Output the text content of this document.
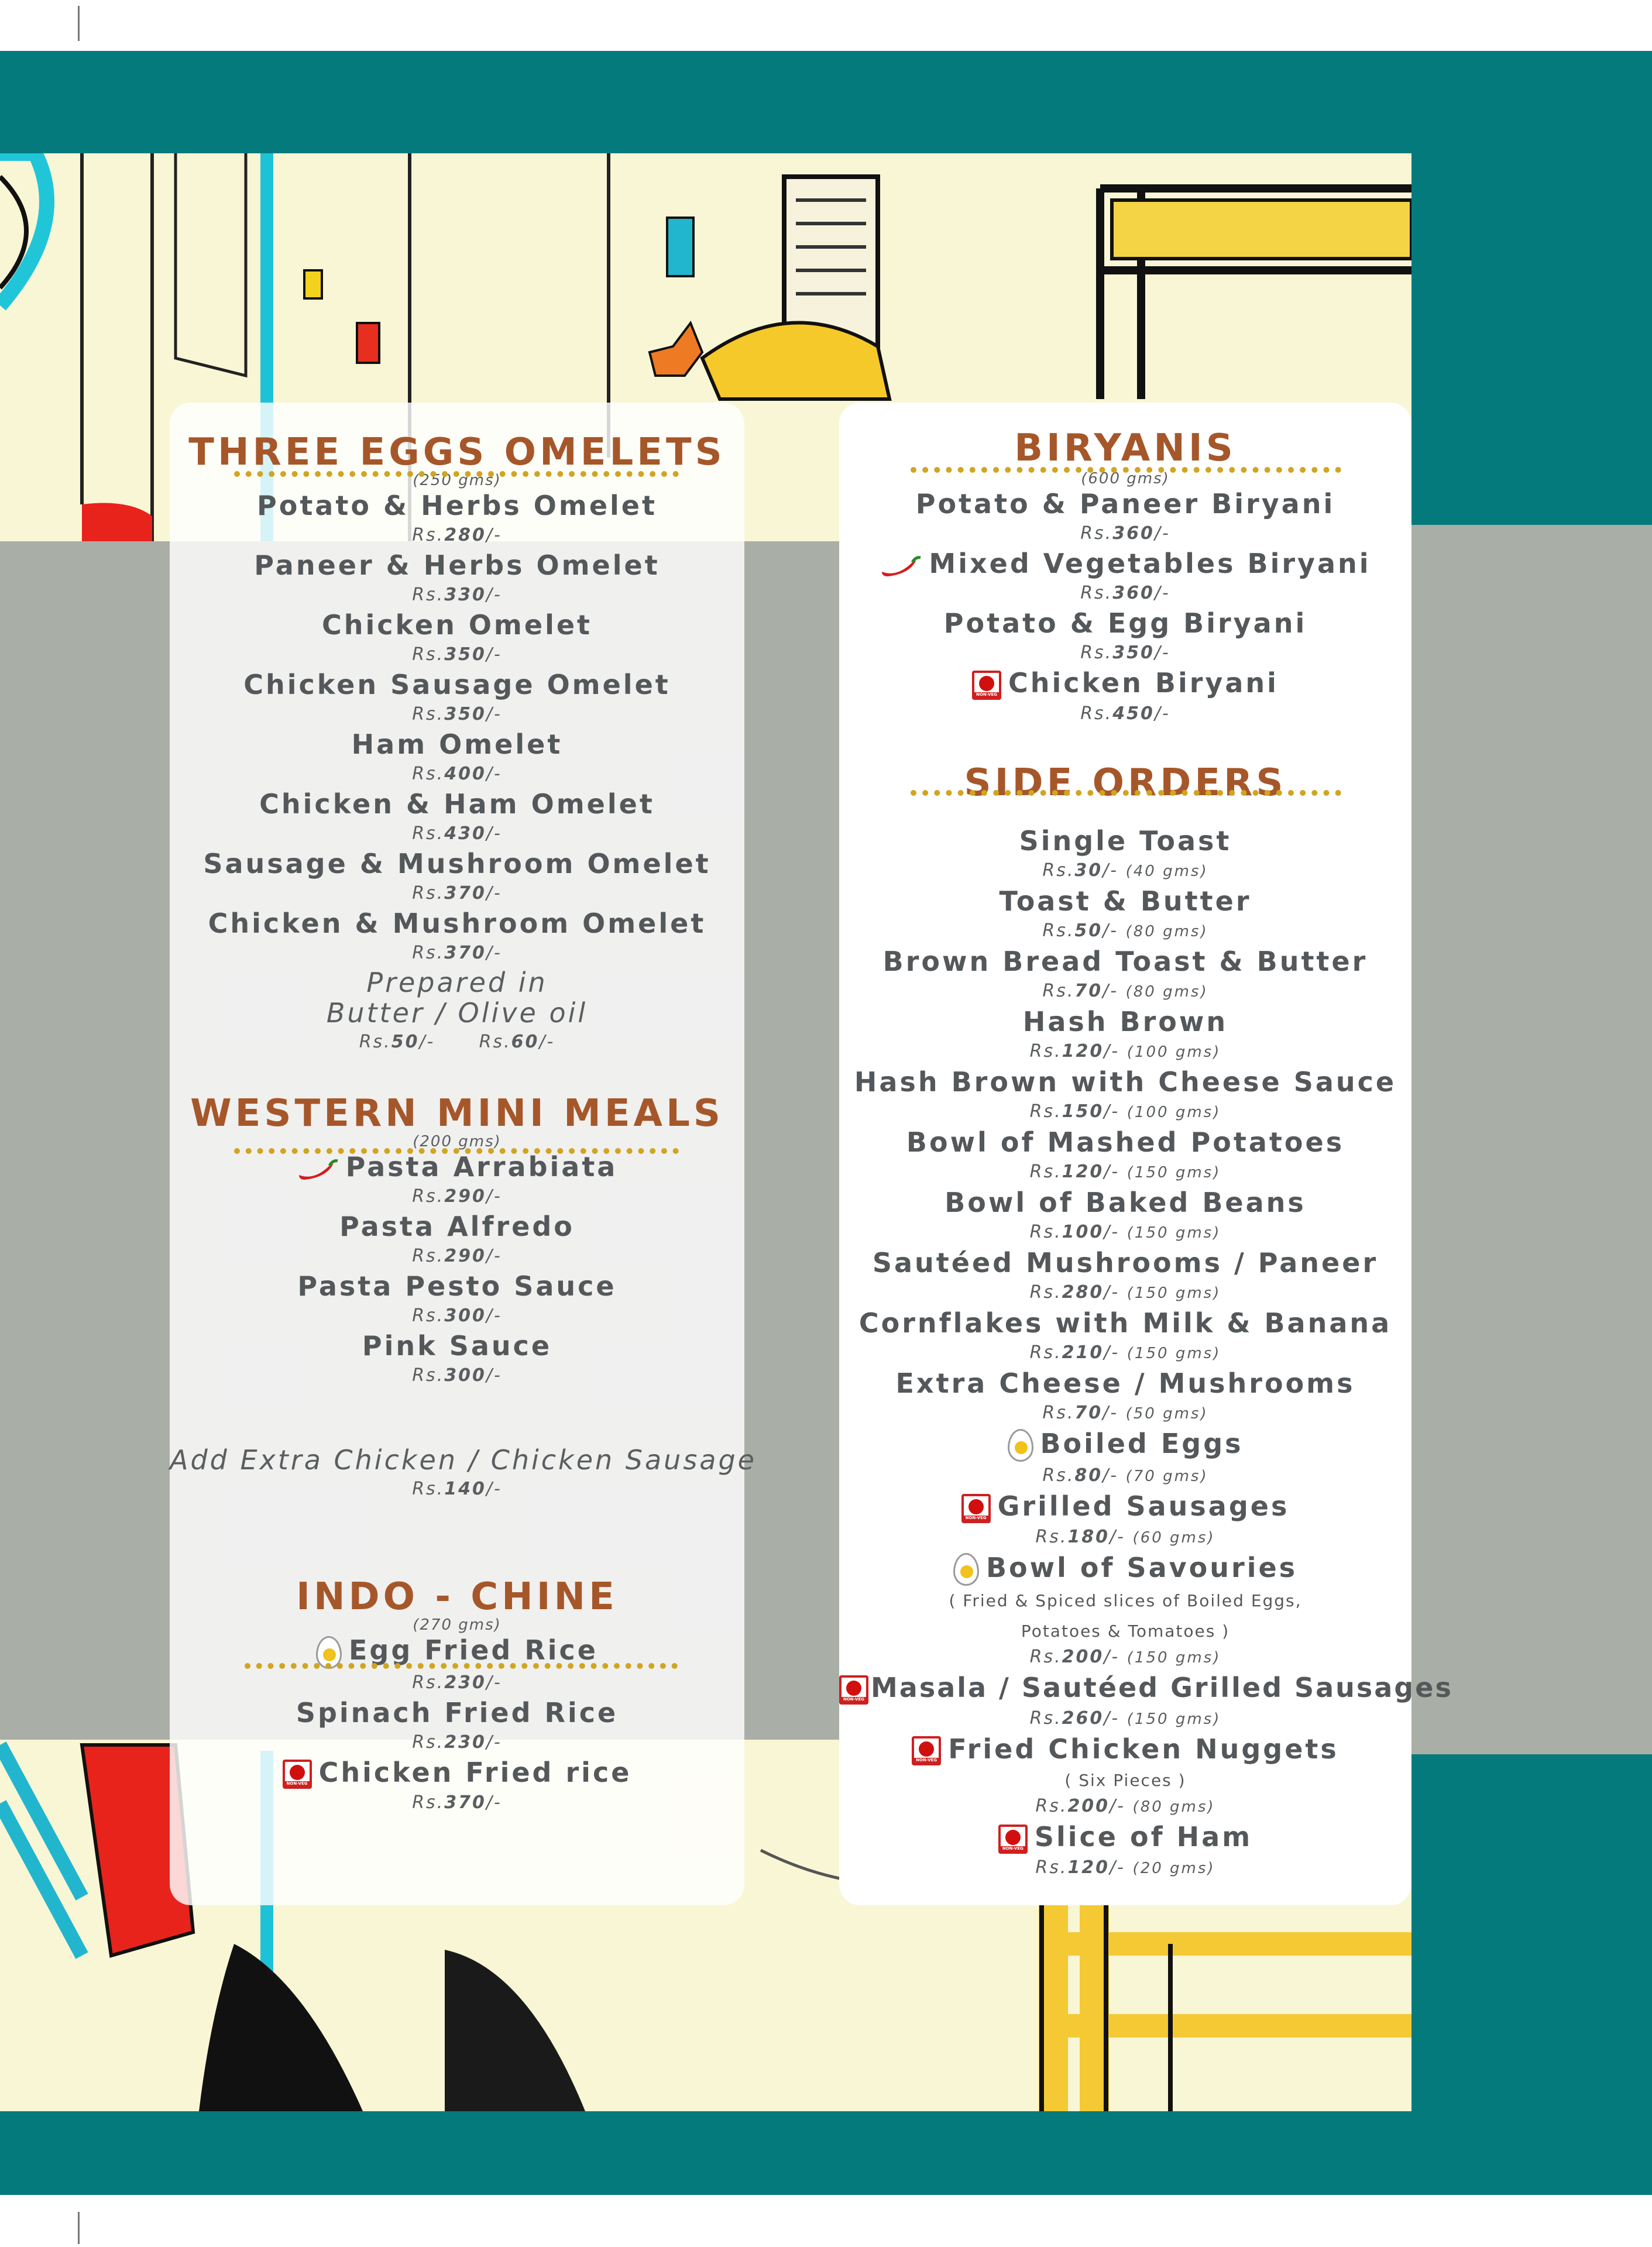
THREE EGGS OMELETS
(250 gms)
Potato & Herbs Omelet
Rs.280/-
Paneer & Herbs Omelet
Rs.330/-
Chicken Omelet
Rs.350/-
Chicken Sausage Omelet
Rs.350/-
Ham Omelet
Rs.400/-
Chicken & Ham Omelet
Rs.430/-
Sausage & Mushroom Omelet
Rs.370/-
Chicken & Mushroom Omelet
Rs.370/-
Prepared in
Butter / Olive oil
Rs.50/-	Rs.60/-
WESTERN MINI MEALS
(200 gms)
Pasta Arrabiata
Rs.290/-
Pasta Alfredo
Rs.290/-
Pasta Pesto Sauce
Rs.300/-
Pink Sauce
Rs.300/-
Add Extra Chicken / Chicken Sausage
Rs.140/-
INDO - CHINE
(270 gms)
Egg Fried Rice
Rs.230/-
Spinach Fried Rice
Rs.230/-
NON-VEGChicken Fried rice
Rs.370/-
BIRYANIS
(600 gms)
Potato & Paneer Biryani
Rs.360/-
Mixed Vegetables Biryani
Rs.360/-
Potato & Egg Biryani
Rs.350/-
NON-VEGChicken Biryani
Rs.450/-
SIDE ORDERS
Single Toast
Rs.30/- (40 gms)
Toast & Butter
Rs.50/- (80 gms)
Brown Bread Toast & Butter
Rs.70/- (80 gms)
Hash Brown
Rs.120/- (100 gms)
Hash Brown with Cheese Sauce
Rs.150/- (100 gms)
Bowl of Mashed Potatoes
Rs.120/- (150 gms)
Bowl of Baked Beans
Rs.100/- (150 gms)
Sautéed Mushrooms / Paneer
Rs.280/- (150 gms)
Cornflakes with Milk & Banana
Rs.210/- (150 gms)
Extra Cheese / Mushrooms
Rs.70/- (50 gms)
Boiled Eggs
Rs.80/- (70 gms)
NON-VEGGrilled Sausages
Rs.180/- (60 gms)
Bowl of Savouries
( Fried & Spiced slices of Boiled Eggs,
Potatoes & Tomatoes )
Rs.200/- (150 gms)
NON-VEGMasala / Sautéed Grilled Sausages
Rs.260/- (150 gms)
NON-VEGFried Chicken Nuggets
( Six Pieces )
Rs.200/- (80 gms)
NON-VEGSlice of Ham
Rs.120/- (20 gms)
